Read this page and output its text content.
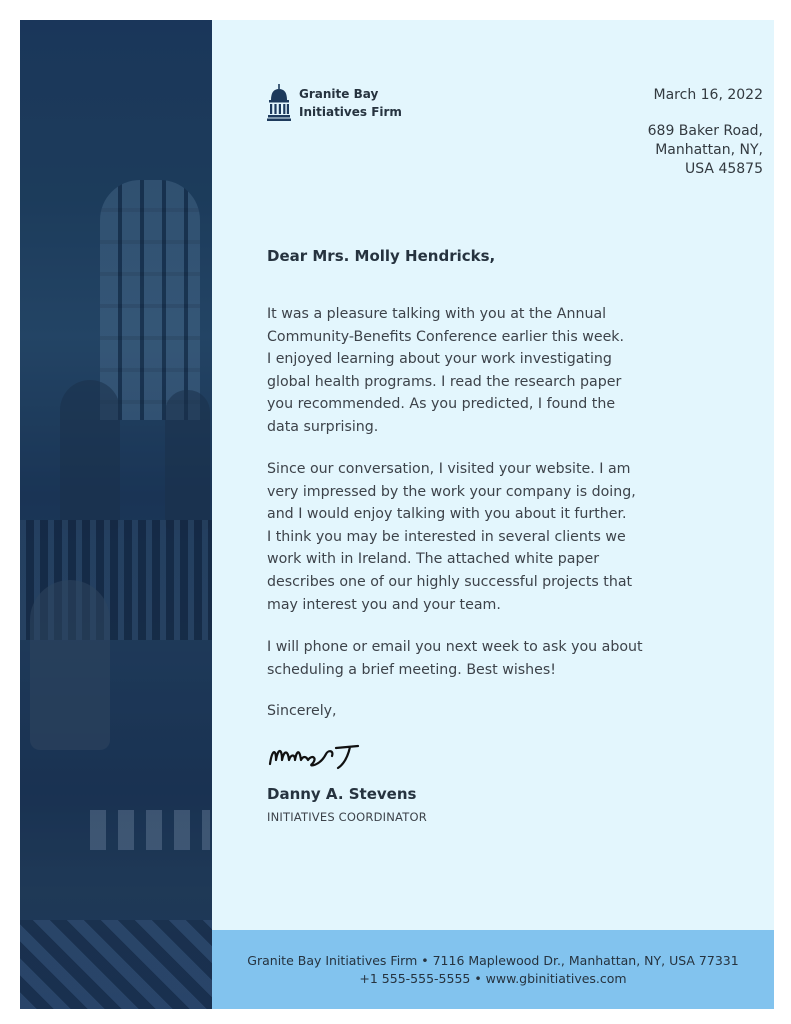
Granite Bay Initiatives Firm • 7116 Maplewood Dr., Manhattan, NY, USA 77331
+1 555-555-5555 • www.gbinitiatives.com
Granite Bay
Initiatives Firm
March 16, 2022
689 Baker Road,
Manhattan, NY,
USA 45875
Dear Mrs. Molly Hendricks,
It was a pleasure talking with you at the Annual
Community-Benefits Conference earlier this week.
I enjoyed learning about your work investigating
global health programs. I read the research paper
you recommended. As you predicted, I found the
data surprising.
Since our conversation, I visited your website. I am
very impressed by the work your company is doing,
and I would enjoy talking with you about it further.
I think you may be interested in several clients we
work with in Ireland. The attached white paper
describes one of our highly successful projects that
may interest you and your team.
I will phone or email you next week to ask you about
scheduling a brief meeting. Best wishes!
Sincerely,
Danny A. Stevens
INITIATIVES COORDINATOR
